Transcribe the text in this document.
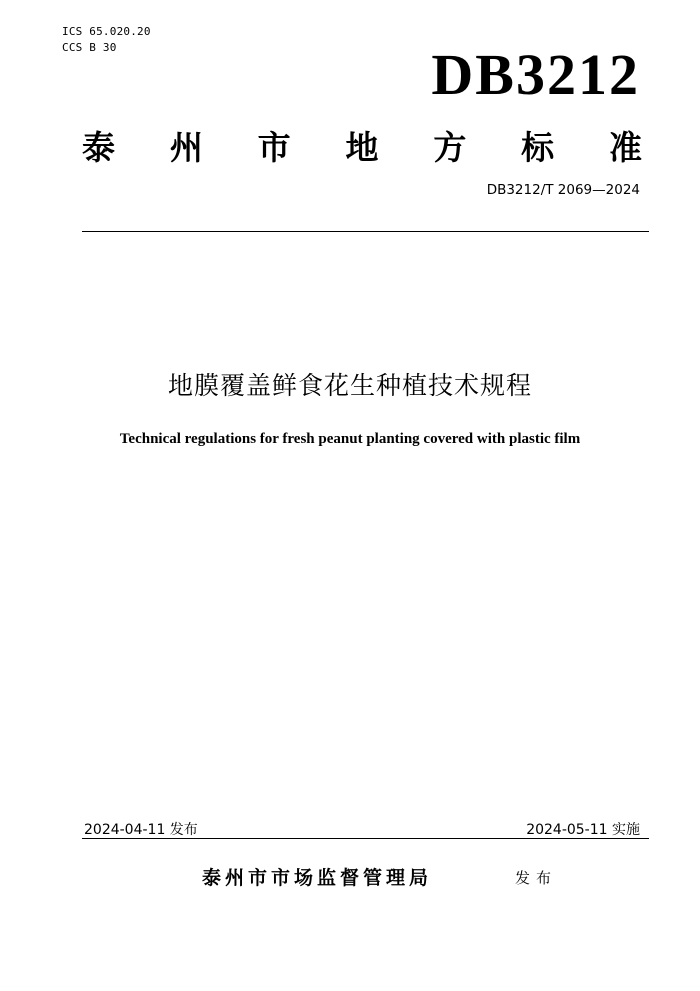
ICS 65.020.20
CCS B 30	DB3212
泰 州 市 地 方 标 准
DB3212/T 2069—2024
地膜覆盖鲜食花生种植技术规程
Technical regulations for fresh peanut planting covered with plastic film
2024-04-11 发布	2024-05-11 实施
泰州市市场监督管理局	发布
